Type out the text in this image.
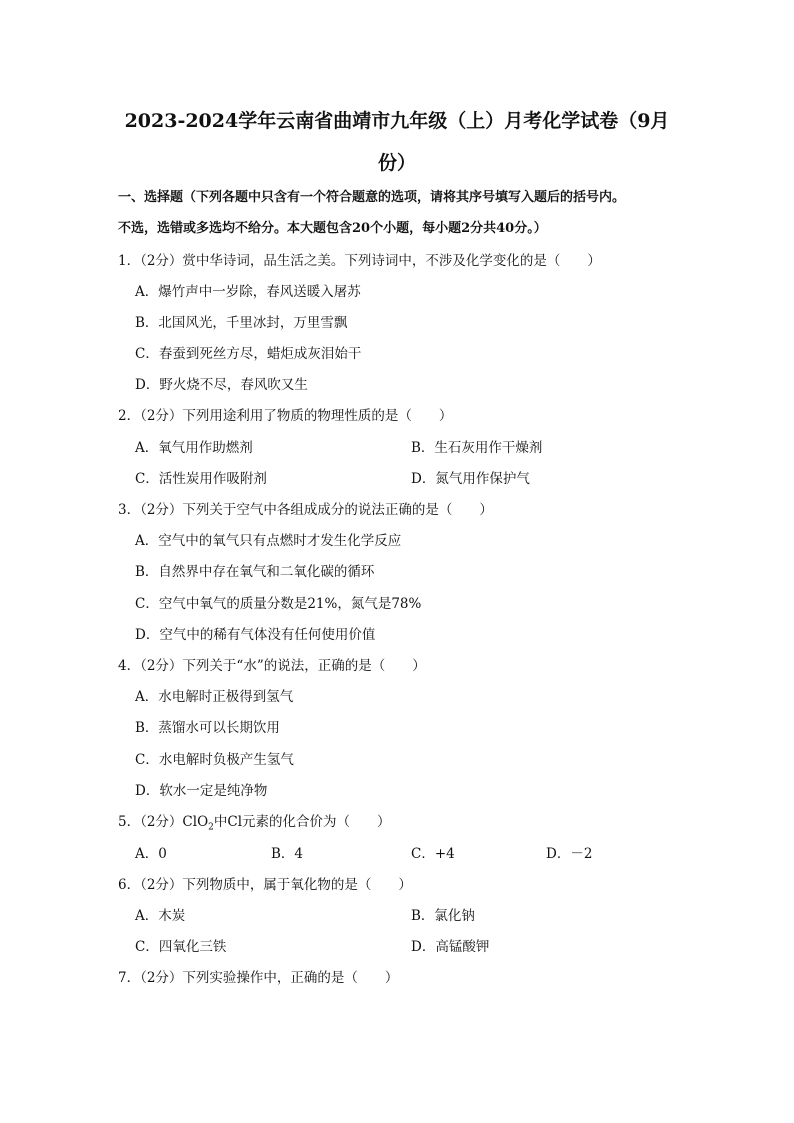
2023-2024学年云南省曲靖市九年级（上）月考化学试卷（9月
份）
一、选择题（下列各题中只含有一个符合题意的选项，请将其序号填写入题后的括号内。
不选，选错或多选均不给分。本大题包含20个小题，每小题2分共40分。）
1．（2分）赏中华诗词，品生活之美。下列诗词中，不涉及化学变化的是（　　）
A．爆竹声中一岁除，春风送暖入屠苏
B．北国风光，千里冰封，万里雪飘
C．春蚕到死丝方尽，蜡炬成灰泪始干
D．野火烧不尽，春风吹又生
2．（2分）下列用途利用了物质的物理性质的是（　　）
A．氧气用作助燃剂	B．生石灰用作干燥剂
C．活性炭用作吸附剂	D．氮气用作保护气
3．（2分）下列关于空气中各组成成分的说法正确的是（　　）
A．空气中的氧气只有点燃时才发生化学反应
B．自然界中存在氧气和二氧化碳的循环
C．空气中氧气的质量分数是21%，氮气是78%
D．空气中的稀有气体没有任何使用价值
4．（2分）下列关于“水”的说法，正确的是（　　）
A．水电解时正极得到氢气
B．蒸馏水可以长期饮用
C．水电解时负极产生氢气
D．软水一定是纯净物
5．（2分）ClO$_2$中Cl元素的化合价为（　　）
A．0	B．4	C．+4	D．－2
6．（2分）下列物质中，属于氧化物的是（　　）
A．木炭	B．氯化钠
C．四氧化三铁	D．高锰酸钾
7．（2分）下列实验操作中，正确的是（　　）
